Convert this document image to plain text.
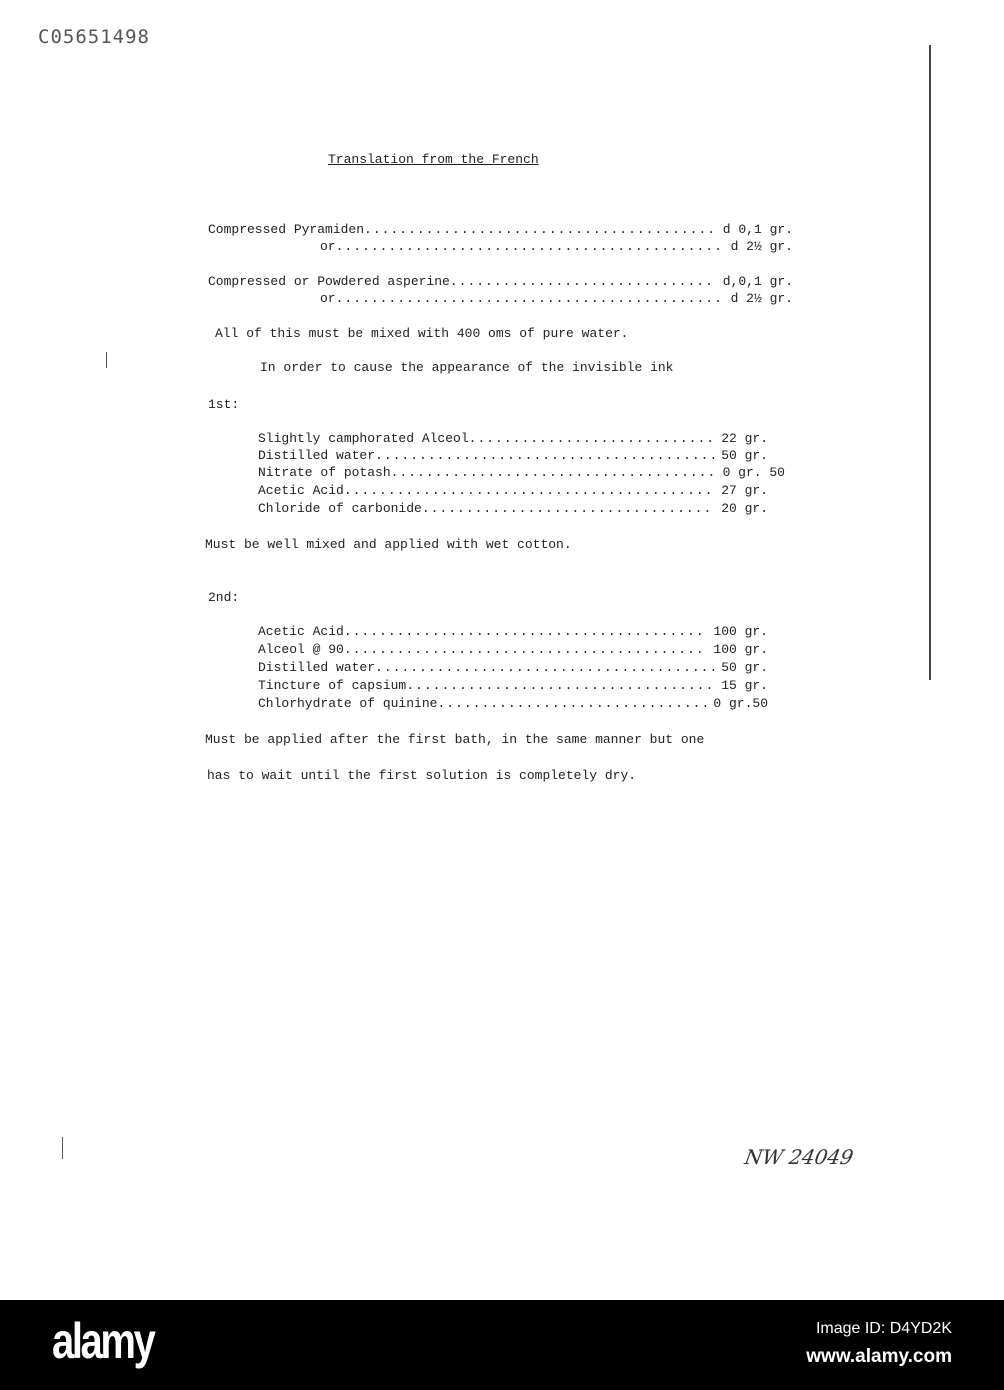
C05651498
Translation from the French
Compressed Pyramiden .....	d 0,1 gr.
or .....	d 2½ gr.
Compressed or Powdered asperine .....	d,0,1 gr.
or .....	d 2½ gr.
All of this must be mixed with 400 oms of pure water.
In order to cause the appearance of the invisible ink
1st:
Slightly camphorated Alceol .....	22 gr.
Distilled water .....	50 gr.
Nitrate of potash .....	0 gr. 50
Acetic Acid .....	27 gr.
Chloride of carbonide .....	20 gr.
Must be well mixed and applied with wet cotton.
2nd:
Acetic Acid .....	100 gr.
Alceol @ 90 .....	100 gr.
Distilled water .....	50 gr.
Tincture of capsium .....	15 gr.
Chlorhydrate of quinine .....	0 gr.50
Must be applied after the first bath, in the same manner but one
has to wait until the first solution is completely dry.
NW 24049
alamy	Image ID: D4YD2K
www.alamy.com
